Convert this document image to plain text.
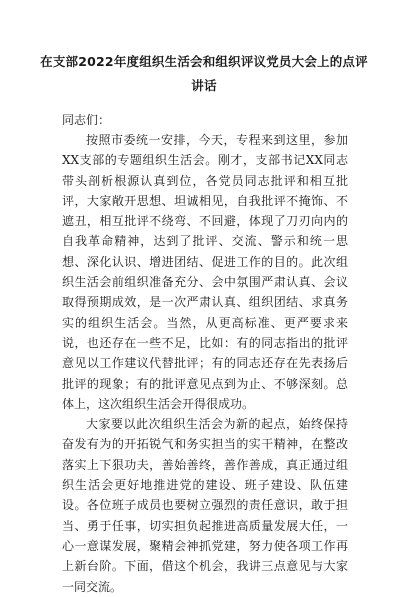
在支部2022年度组织生活会和组织评议党员大会上的点评讲话
同志们：

按照市委统一安排，今天，专程来到这里，参加XX支部的专题组织生活会。刚才，支部书记XX同志带头剖析根源认真到位，各党员同志批评和相互批评，大家敞开思想、坦诚相见，自我批评不掩饰、不遮丑，相互批评不绕弯、不回避，体现了刀刃向内的自我革命精神，达到了批评、交流、警示和统一思想、深化认识、增进团结、促进工作的目的。此次组织生活会前组织准备充分、会中氛围严肃认真、会议取得预期成效，是一次严肃认真、组织团结、求真务实的组织生活会。当然，从更高标准、更严要求来说，也还存在一些不足，比如：有的同志指出的批评意见以工作建议代替批评；有的同志还存在先表扬后批评的现象；有的批评意见点到为止、不够深刻。总体上，这次组织生活会开得很成功。

大家要以此次组织生活会为新的起点，始终保持奋发有为的开拓锐气和务实担当的实干精神，在整改落实上下狠功夫，善始善终，善作善成，真正通过组织生活会更好地推进党的建设、班子建设、队伍建设。各位班子成员也要树立强烈的责任意识，敢于担当、勇于任事，切实担负起推进高质量发展大任，一心一意谋发展，聚精会神抓党建，努力使各项工作再上新台阶。下面，借这个机会，我讲三点意见与大家一同交流。
